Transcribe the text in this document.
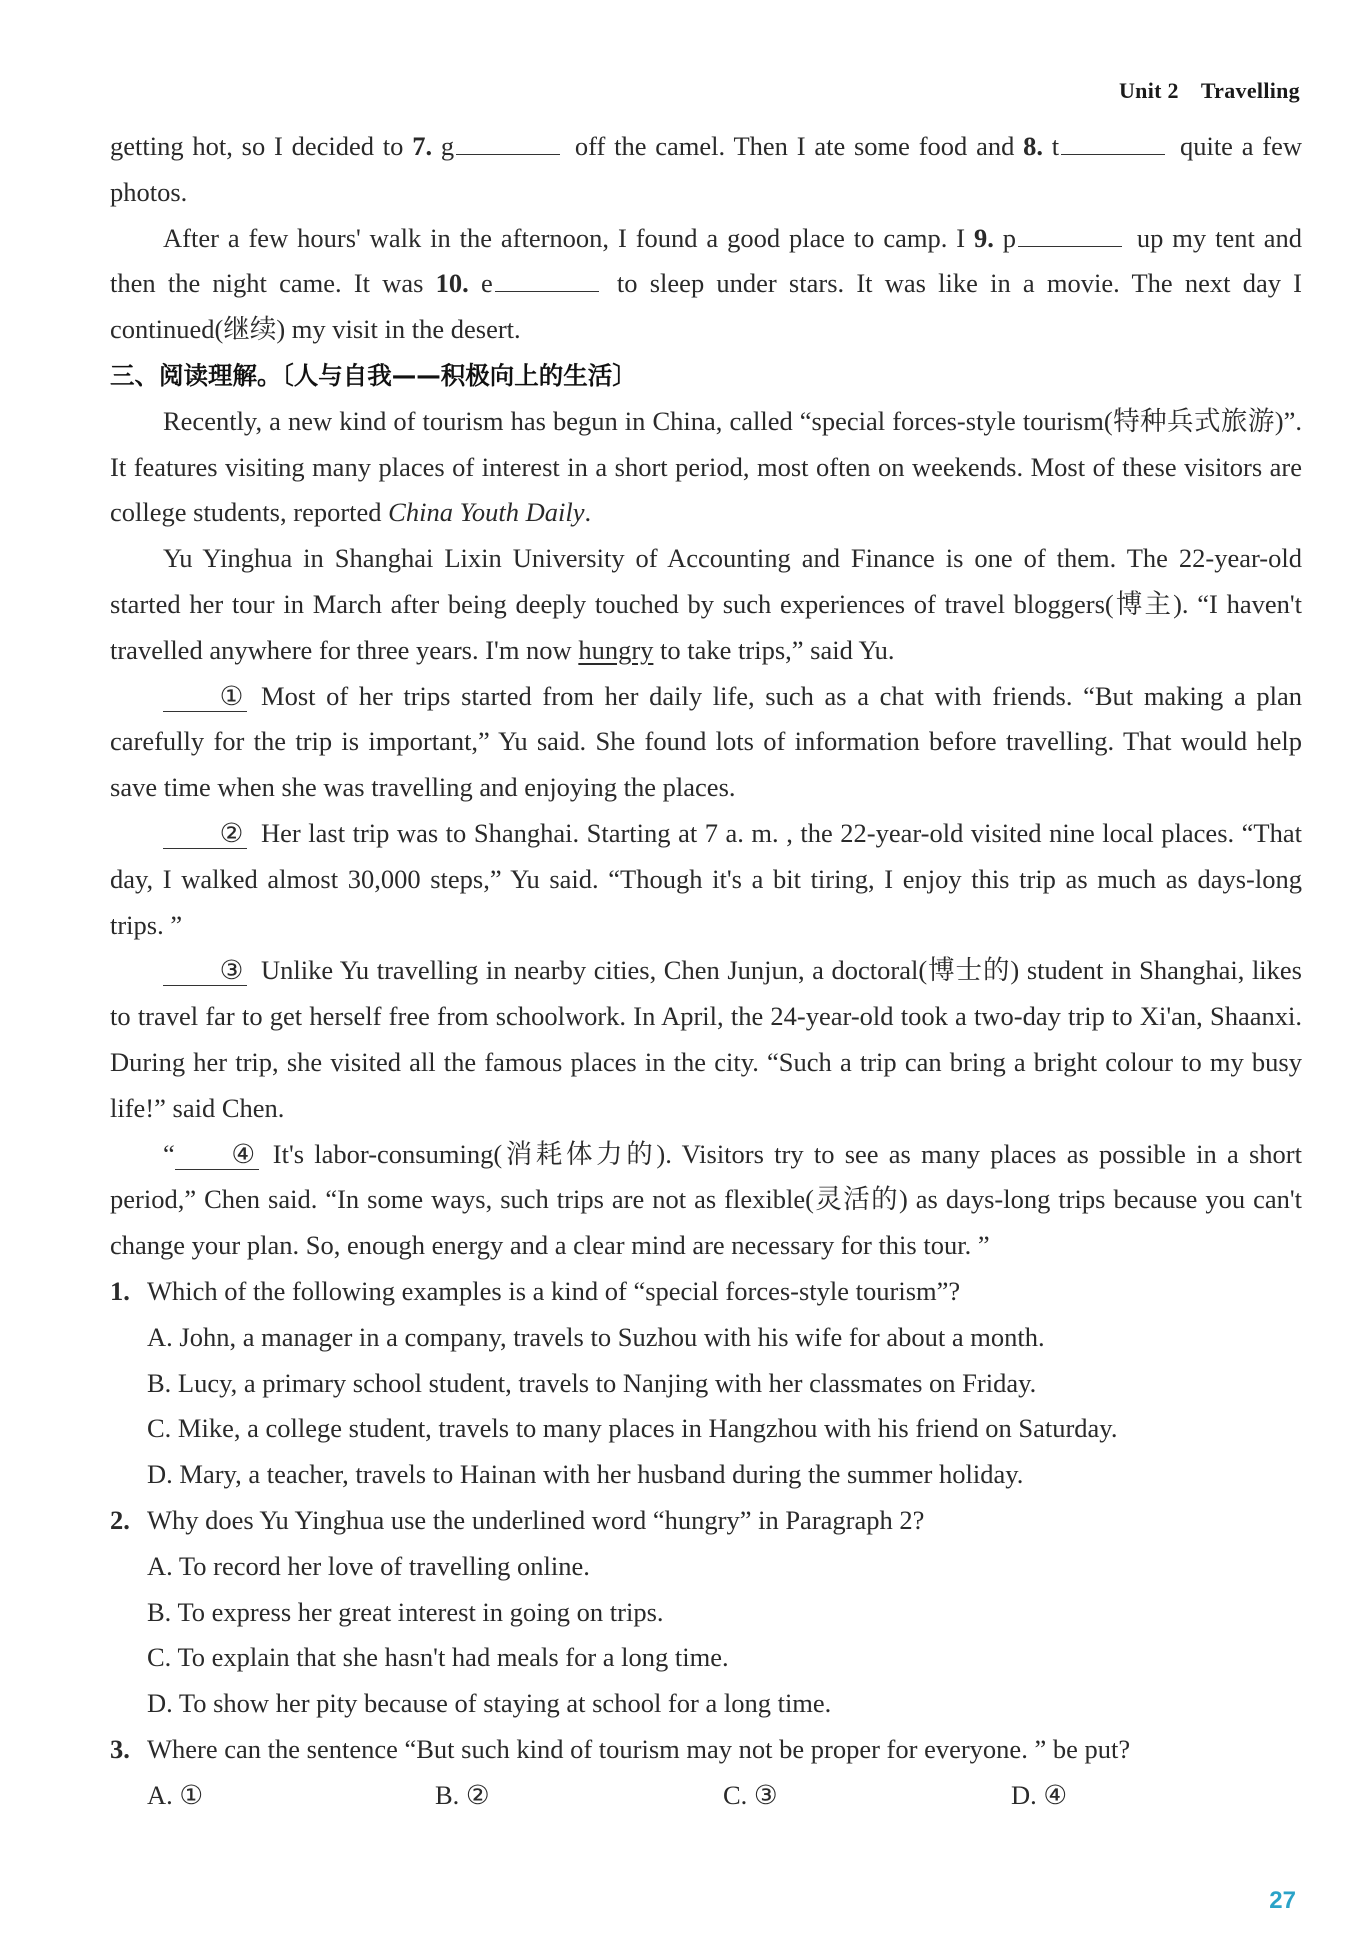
Unit 2 Travelling

getting hot, so I decided to 7. g	off the camel. Then I ate some food and 8. t	quite a few photos.

After a few hours' walk in the afternoon, I found a good place to camp. I 9. p	up my tent and then the night came. It was 10. e	to sleep under stars. It was like in a movie. The next day I continued(继续) my visit in the desert.

三、阅读理解。〔人与自我——积极向上的生活〕

Recently, a new kind of tourism has begun in China, called “special forces-style tourism(特种兵式旅游)”. It features visiting many places of interest in a short period, most often on weekends. Most of these visitors are college students, reported China Youth Daily.

Yu Yinghua in Shanghai Lixin University of Accounting and Finance is one of them. The 22-year-old started her tour in March after being deeply touched by such experiences of travel bloggers(博主). “I haven't travelled anywhere for three years. I'm now hungry to take trips,” said Yu.

① Most of her trips started from her daily life, such as a chat with friends. “But making a plan carefully for the trip is important,” Yu said. She found lots of information before travelling. That would help save time when she was travelling and enjoying the places.

② Her last trip was to Shanghai. Starting at 7 a. m. , the 22-year-old visited nine local places. “That day, I walked almost 30,000 steps,” Yu said. “Though it's a bit tiring, I enjoy this trip as much as days-long trips. ”

③ Unlike Yu travelling in nearby cities, Chen Junjun, a doctoral(博士的) student in Shanghai, likes to travel far to get herself free from schoolwork. In April, the 24-year-old took a two-day trip to Xi'an, Shaanxi. During her trip, she visited all the famous places in the city. “Such a trip can bring a bright colour to my busy life!” said Chen.

“ ④ It's labor-consuming(消耗体力的). Visitors try to see as many places as possible in a short period,” Chen said. “In some ways, such trips are not as flexible(灵活的) as days-long trips because you can't change your plan. So, enough energy and a clear mind are necessary for this tour. ”

1. Which of the following examples is a kind of “special forces-style tourism”?

A. John, a manager in a company, travels to Suzhou with his wife for about a month.

B. Lucy, a primary school student, travels to Nanjing with her classmates on Friday.

C. Mike, a college student, travels to many places in Hangzhou with his friend on Saturday.

D. Mary, a teacher, travels to Hainan with her husband during the summer holiday.

2. Why does Yu Yinghua use the underlined word “hungry” in Paragraph 2?

A. To record her love of travelling online.

B. To express her great interest in going on trips.

C. To explain that she hasn't had meals for a long time.

D. To show her pity because of staying at school for a long time.

3. Where can the sentence “But such kind of tourism may not be proper for everyone. ” be put?

A. ①	B. ②	C. ③	D. ④
27
